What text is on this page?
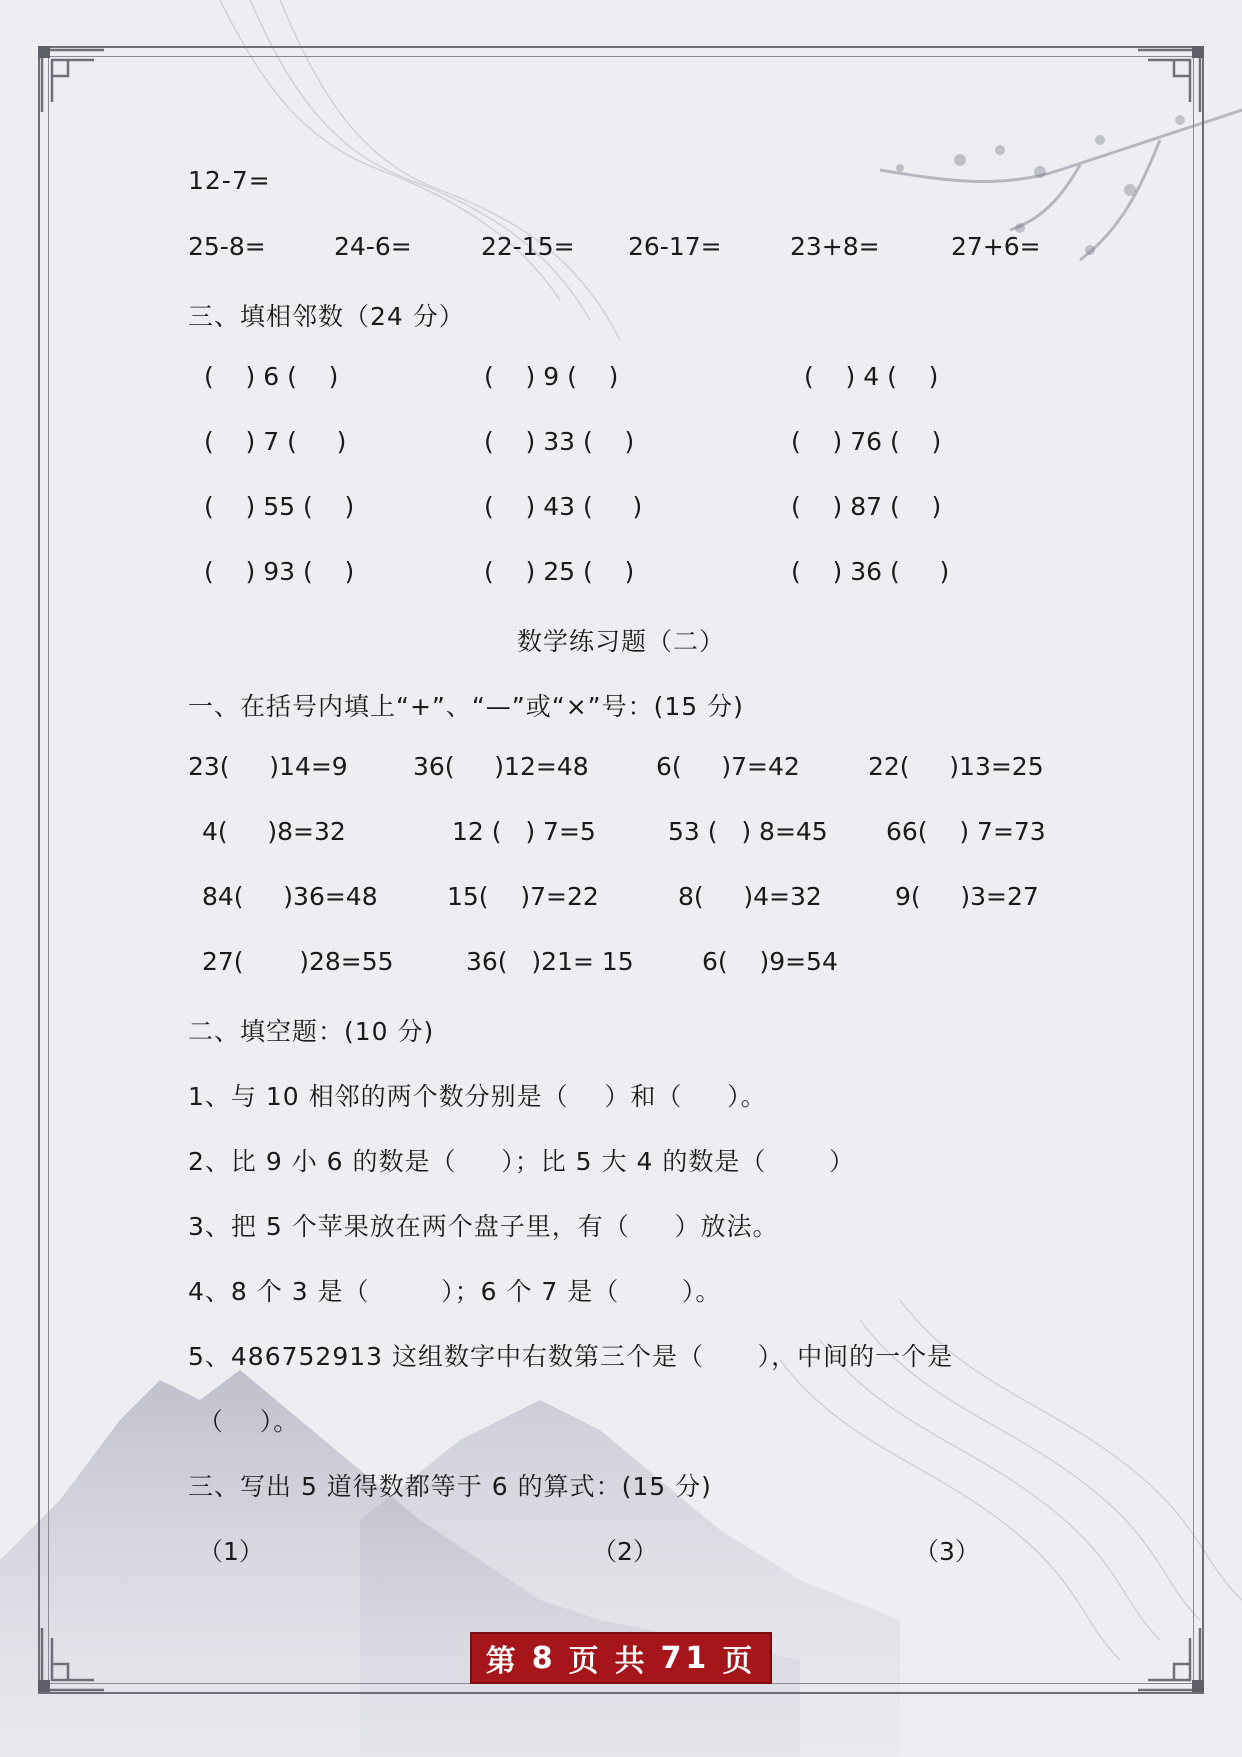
12-7=
25-8=	24-6=	22-15= 26-17=	23+8=	27+6=
三、填相邻数（24 分）
(    ) 6 (    )	(    ) 9 (    )	(    ) 4 (    )
(    ) 7 (     )	(    ) 33 (    )	(    ) 76 (    )
(    ) 55 (    )	(    ) 43 (     )	(    ) 87 (    )
(    ) 93 (    )	(    ) 25 (    )	(    ) 36 (     )
数学练习题（二）
一、在括号内填上“+”、“—”或“×”号：(15 分)
23(     )14=9	36(     )12=48	6(     )7=42	22(     )13=25
4(     )8=32	12 (   ) 7=5	53 (   ) 8=45 66(    ) 7=73
84(     )36=48	15(    )7=22	8(     )4=32	9(     )3=27
27(       )28=55	36(   )21= 15	6(    )9=54
二、填空题：(10 分)
1、与 10 相邻的两个数分别是（    ）和（     ）。
2、比 9 小 6 的数是（     ）；比 5 大 4 的数是（       ）
3、把 5 个苹果放在两个盘子里，有（     ）放法。
4、8 个 3 是（        ）；6 个 7 是（       ）。
5、486752913 这组数字中右数第三个是（      ），中间的一个是
（    ）。
三、写出 5 道得数都等于 6 的算式：(15 分)
（1）	（2）	（3）
第 8 页 共 71 页
